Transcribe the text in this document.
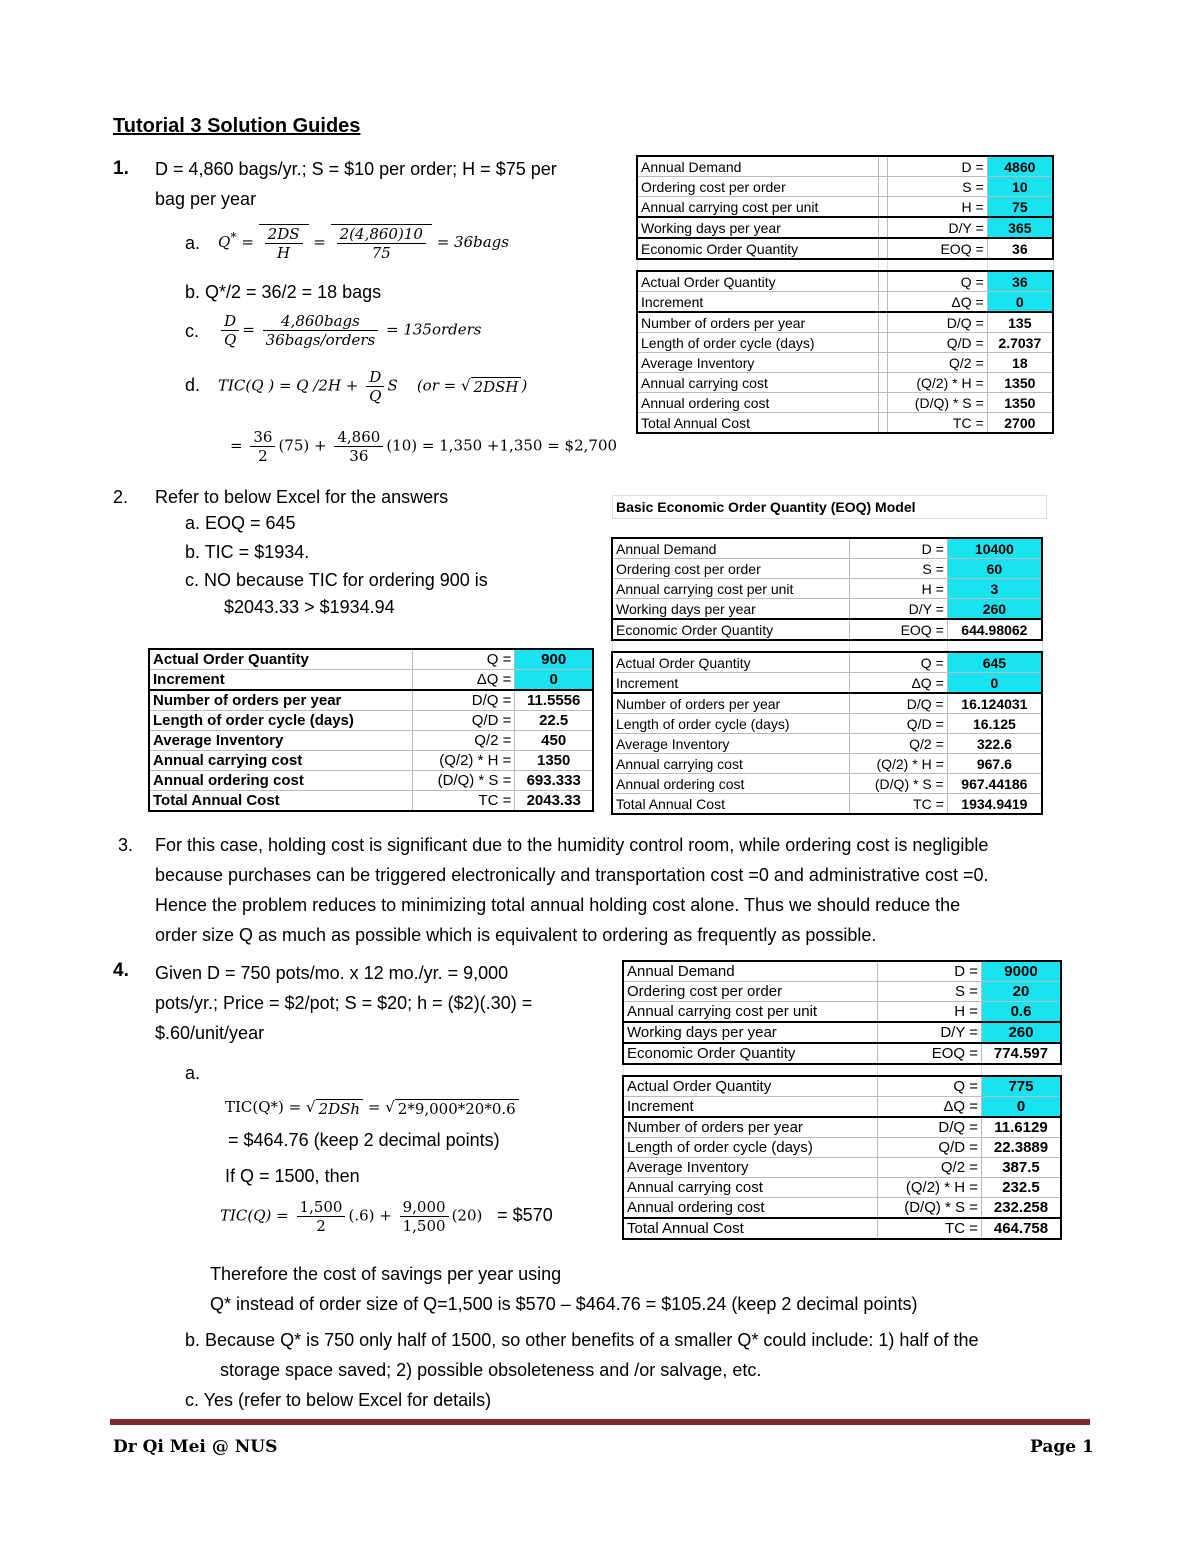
Tutorial 3 Solution Guides
1. D = 4,860 bags/yr.; S = $10 per order; H = $75 per
bag per year
a. $Q^* = \frac{2DS}{H} = \frac{2(4,860)10}{75}$ = 36bags
b. Q*/2 = 36/2 = 18 bags
c. $\frac{D}{Q} = \frac{\text{4,860bags}}{\text{36bags/orders}}$ = 135orders
d. TIC(Q ) = Q $/2H + \frac{D}{Q}$ S (or = √ 2DSH )
= $\frac{36}{2} (75) + \frac{4,860}{36} (10) = 1,350 +1,350$ = $2,700
Annual Demand		D =	4860
Ordering cost per order		S =	10
Annual carrying cost per unit		H =	75
Working days per year		D/Y =	365
Economic Order Quantity		EOQ =	36

Actual Order Quantity		Q =	36
Increment		ΔQ =	0
Number of orders per year		D/Q =	135
Length of order cycle (days)		Q/D =	2.7037
Average Inventory		Q/2 =	18
Annual carrying cost		(Q/2) * H =	1350
Annual ordering cost		(D/Q) * S =	1350
Total Annual Cost		TC =	2700
2. Refer to below Excel for the answers
a. EOQ = 645
b. TIC = $1934.
c. NO because TIC for ordering 900 is
$2043.33 > $1934.94
Basic Economic Order Quantity (EOQ) Model
Annual Demand	D =	10400
Ordering cost per order	S =	60
Annual carrying cost per unit	H =	3
Working days per year	D/Y =	260
Economic Order Quantity	EOQ =	644.98062

Actual Order Quantity	Q =	645
Increment	ΔQ =	0
Number of orders per year	D/Q =	16.124031
Length of order cycle (days)	Q/D =	16.125
Average Inventory	Q/2 =	322.6
Annual carrying cost	(Q/2) * H =	967.6
Annual ordering cost	(D/Q) * S =	967.44186
Total Annual Cost	TC =	1934.9419
Actual Order Quantity	Q =	900
Increment	ΔQ =	0
Number of orders per year	D/Q =	11.5556
Length of order cycle (days)	Q/D =	22.5
Average Inventory	Q/2 =	450
Annual carrying cost	(Q/2) * H =	1350
Annual ordering cost	(D/Q) * S =	693.333
Total Annual Cost	TC =	2043.33
3. For this case, holding cost is significant due to the humidity control room, while ordering cost is negligible
because purchases can be triggered electronically and transportation cost =0 and administrative cost =0.
Hence the problem reduces to minimizing total annual holding cost alone. Thus we should reduce the
order size Q as much as possible which is equivalent to ordering as frequently as possible.
4. Given D = 750 pots/mo. x 12 mo./yr. = 9,000
pots/yr.; Price = $2/pot; S = $20; h = ($2)(.30) =
$.60/unit/year
a.
TIC(Q*) = √ 2DSh = √ 2*9,000*20*0.6
= $464.76 (keep 2 decimal points)
If Q = 1500, then
$TIC(Q) = \frac{1,500}{2} (.6) + \frac{9,000}{1,500} (20)$ = $570
Therefore the cost of savings per year using
Q* instead of order size of Q=1,500 is $570 – $464.76 = $105.24 (keep 2 decimal points)
b. Because Q* is 750 only half of 1500, so other benefits of a smaller Q* could include: 1) half of the
storage space saved; 2) possible obsoleteness and /or salvage, etc.
c. Yes (refer to below Excel for details)
Annual Demand	D =	9000
Ordering cost per order	S =	20
Annual carrying cost per unit	H =	0.6
Working days per year	D/Y =	260
Economic Order Quantity	EOQ =	774.597

Actual Order Quantity	Q =	775
Increment	ΔQ =	0
Number of orders per year	D/Q =	11.6129
Length of order cycle (days)	Q/D =	22.3889
Average Inventory	Q/2 =	387.5
Annual carrying cost	(Q/2) * H =	232.5
Annual ordering cost	(D/Q) * S =	232.258
Total Annual Cost	TC =	464.758
Dr Qi Mei @ NUS	Page 1
